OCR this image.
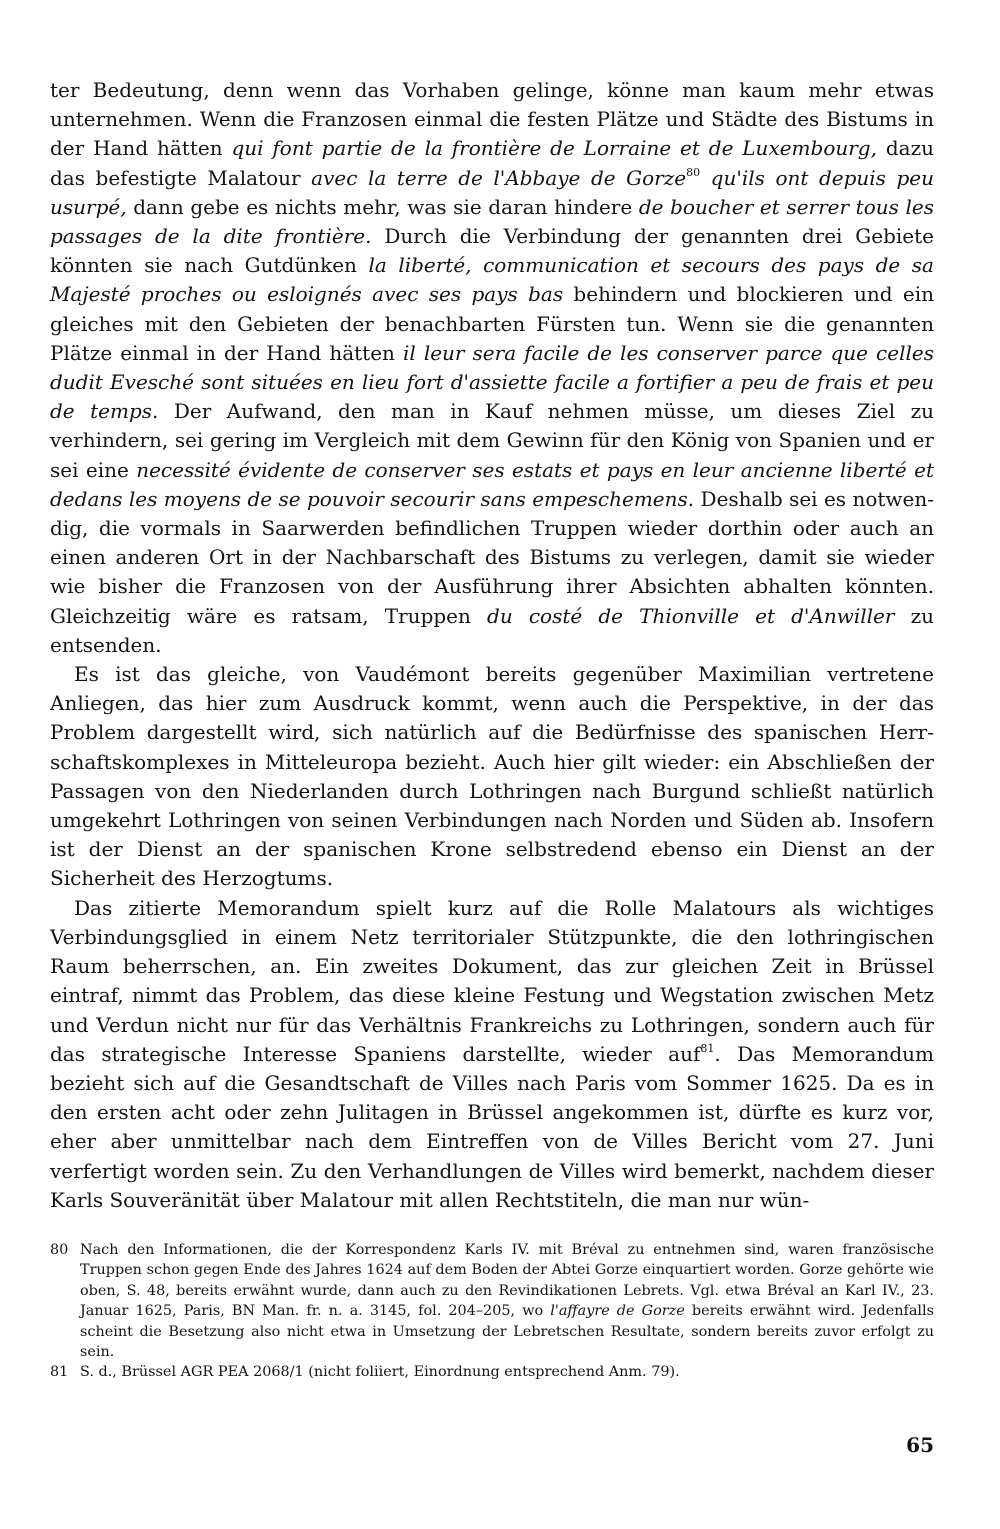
ter Bedeutung, denn wenn das Vorhaben gelinge, könne man kaum mehr etwas unternehmen. Wenn die Franzosen einmal die festen Plätze und Städte des Bistums in der Hand hätten qui font partie de la frontière de Lorraine et de Luxembourg, dazu das befestigte Malatour avec la terre de l'Abbaye de Gorze$^{80}$ qu'ils ont depuis peu usurpé, dann gebe es nichts mehr, was sie daran hindere de boucher et serrer tous les passages de la dite frontière. Durch die Verbindung der genannten drei Gebiete könnten sie nach Gutdünken la liberté, communication et secours des pays de sa Majesté proches ou esloignés avec ses pays bas behindern und blockieren und ein gleiches mit den Gebieten der benachbarten Fürsten tun. Wenn sie die genannten Plätze einmal in der Hand hätten il leur sera facile de les conserver parce que celles dudit Evesché sont situées en lieu fort d'assiette facile a fortifier a peu de frais et peu de temps. Der Aufwand, den man in Kauf nehmen müsse, um dieses Ziel zu verhindern, sei gering im Vergleich mit dem Gewinn für den König von Spanien und er sei eine necessité évidente de conserver ses estats et pays en leur ancienne liberté et dedans les moyens de se pouvoir secourir sans empeschemens. Deshalb sei es notwendig, die vormals in Saarwerden befindlichen Truppen wieder dorthin oder auch an einen anderen Ort in der Nachbarschaft des Bistums zu verlegen, damit sie wieder wie bisher die Franzosen von der Ausführung ihrer Absichten abhalten könnten. Gleichzeitig wäre es ratsam, Truppen du costé de Thionville et d'Anwiller zu entsenden.

Es ist das gleiche, von Vaudémont bereits gegenüber Maximilian vertretene Anliegen, das hier zum Ausdruck kommt, wenn auch die Perspektive, in der das Problem dargestellt wird, sich natürlich auf die Bedürfnisse des spanischen Herrschaftskomplexes in Mitteleuropa bezieht. Auch hier gilt wieder: ein Abschließen der Passagen von den Niederlanden durch Lothringen nach Burgund schließt natürlich umgekehrt Lothringen von seinen Verbindungen nach Norden und Süden ab. Insofern ist der Dienst an der spanischen Krone selbstredend ebenso ein Dienst an der Sicherheit des Herzogtums.

Das zitierte Memorandum spielt kurz auf die Rolle Malatours als wichtiges Verbindungsglied in einem Netz territorialer Stützpunkte, die den lothringischen Raum beherrschen, an. Ein zweites Dokument, das zur gleichen Zeit in Brüssel eintraf, nimmt das Problem, das diese kleine Festung und Wegstation zwischen Metz und Verdun nicht nur für das Verhältnis Frankreichs zu Lothringen, sondern auch für das strategische Interesse Spaniens darstellte, wieder auf$^{81}$. Das Memorandum bezieht sich auf die Gesandtschaft de Villes nach Paris vom Sommer 1625. Da es in den ersten acht oder zehn Julitagen in Brüssel angekommen ist, dürfte es kurz vor, eher aber unmittelbar nach dem Eintreffen von de Villes Bericht vom 27. Juni verfertigt worden sein. Zu den Verhandlungen de Villes wird bemerkt, nachdem dieser Karls Souveränität über Malatour mit allen Rechtstiteln, die man nur wün-

80 Nach den Informationen, die der Korrespondenz Karls IV. mit Bréval zu entnehmen sind, waren französische Truppen schon gegen Ende des Jahres 1624 auf dem Boden der Abtei Gorze einquartiert worden. Gorze gehörte wie oben, S. 48, bereits erwähnt wurde, dann auch zu den Revindikationen Lebrets. Vgl. etwa Bréval an Karl IV., 23. Januar 1625, Paris, BN Man. fr. n. a. 3145, fol. 204–205, wo l'affayre de Gorze bereits erwähnt wird. Jedenfalls scheint die Besetzung also nicht etwa in Umsetzung der Lebretschen Resultate, sondern bereits zuvor erfolgt zu sein.
81 S. d., Brüssel AGR PEA 2068/1 (nicht foliiert, Einordnung entsprechend Anm. 79).
65
